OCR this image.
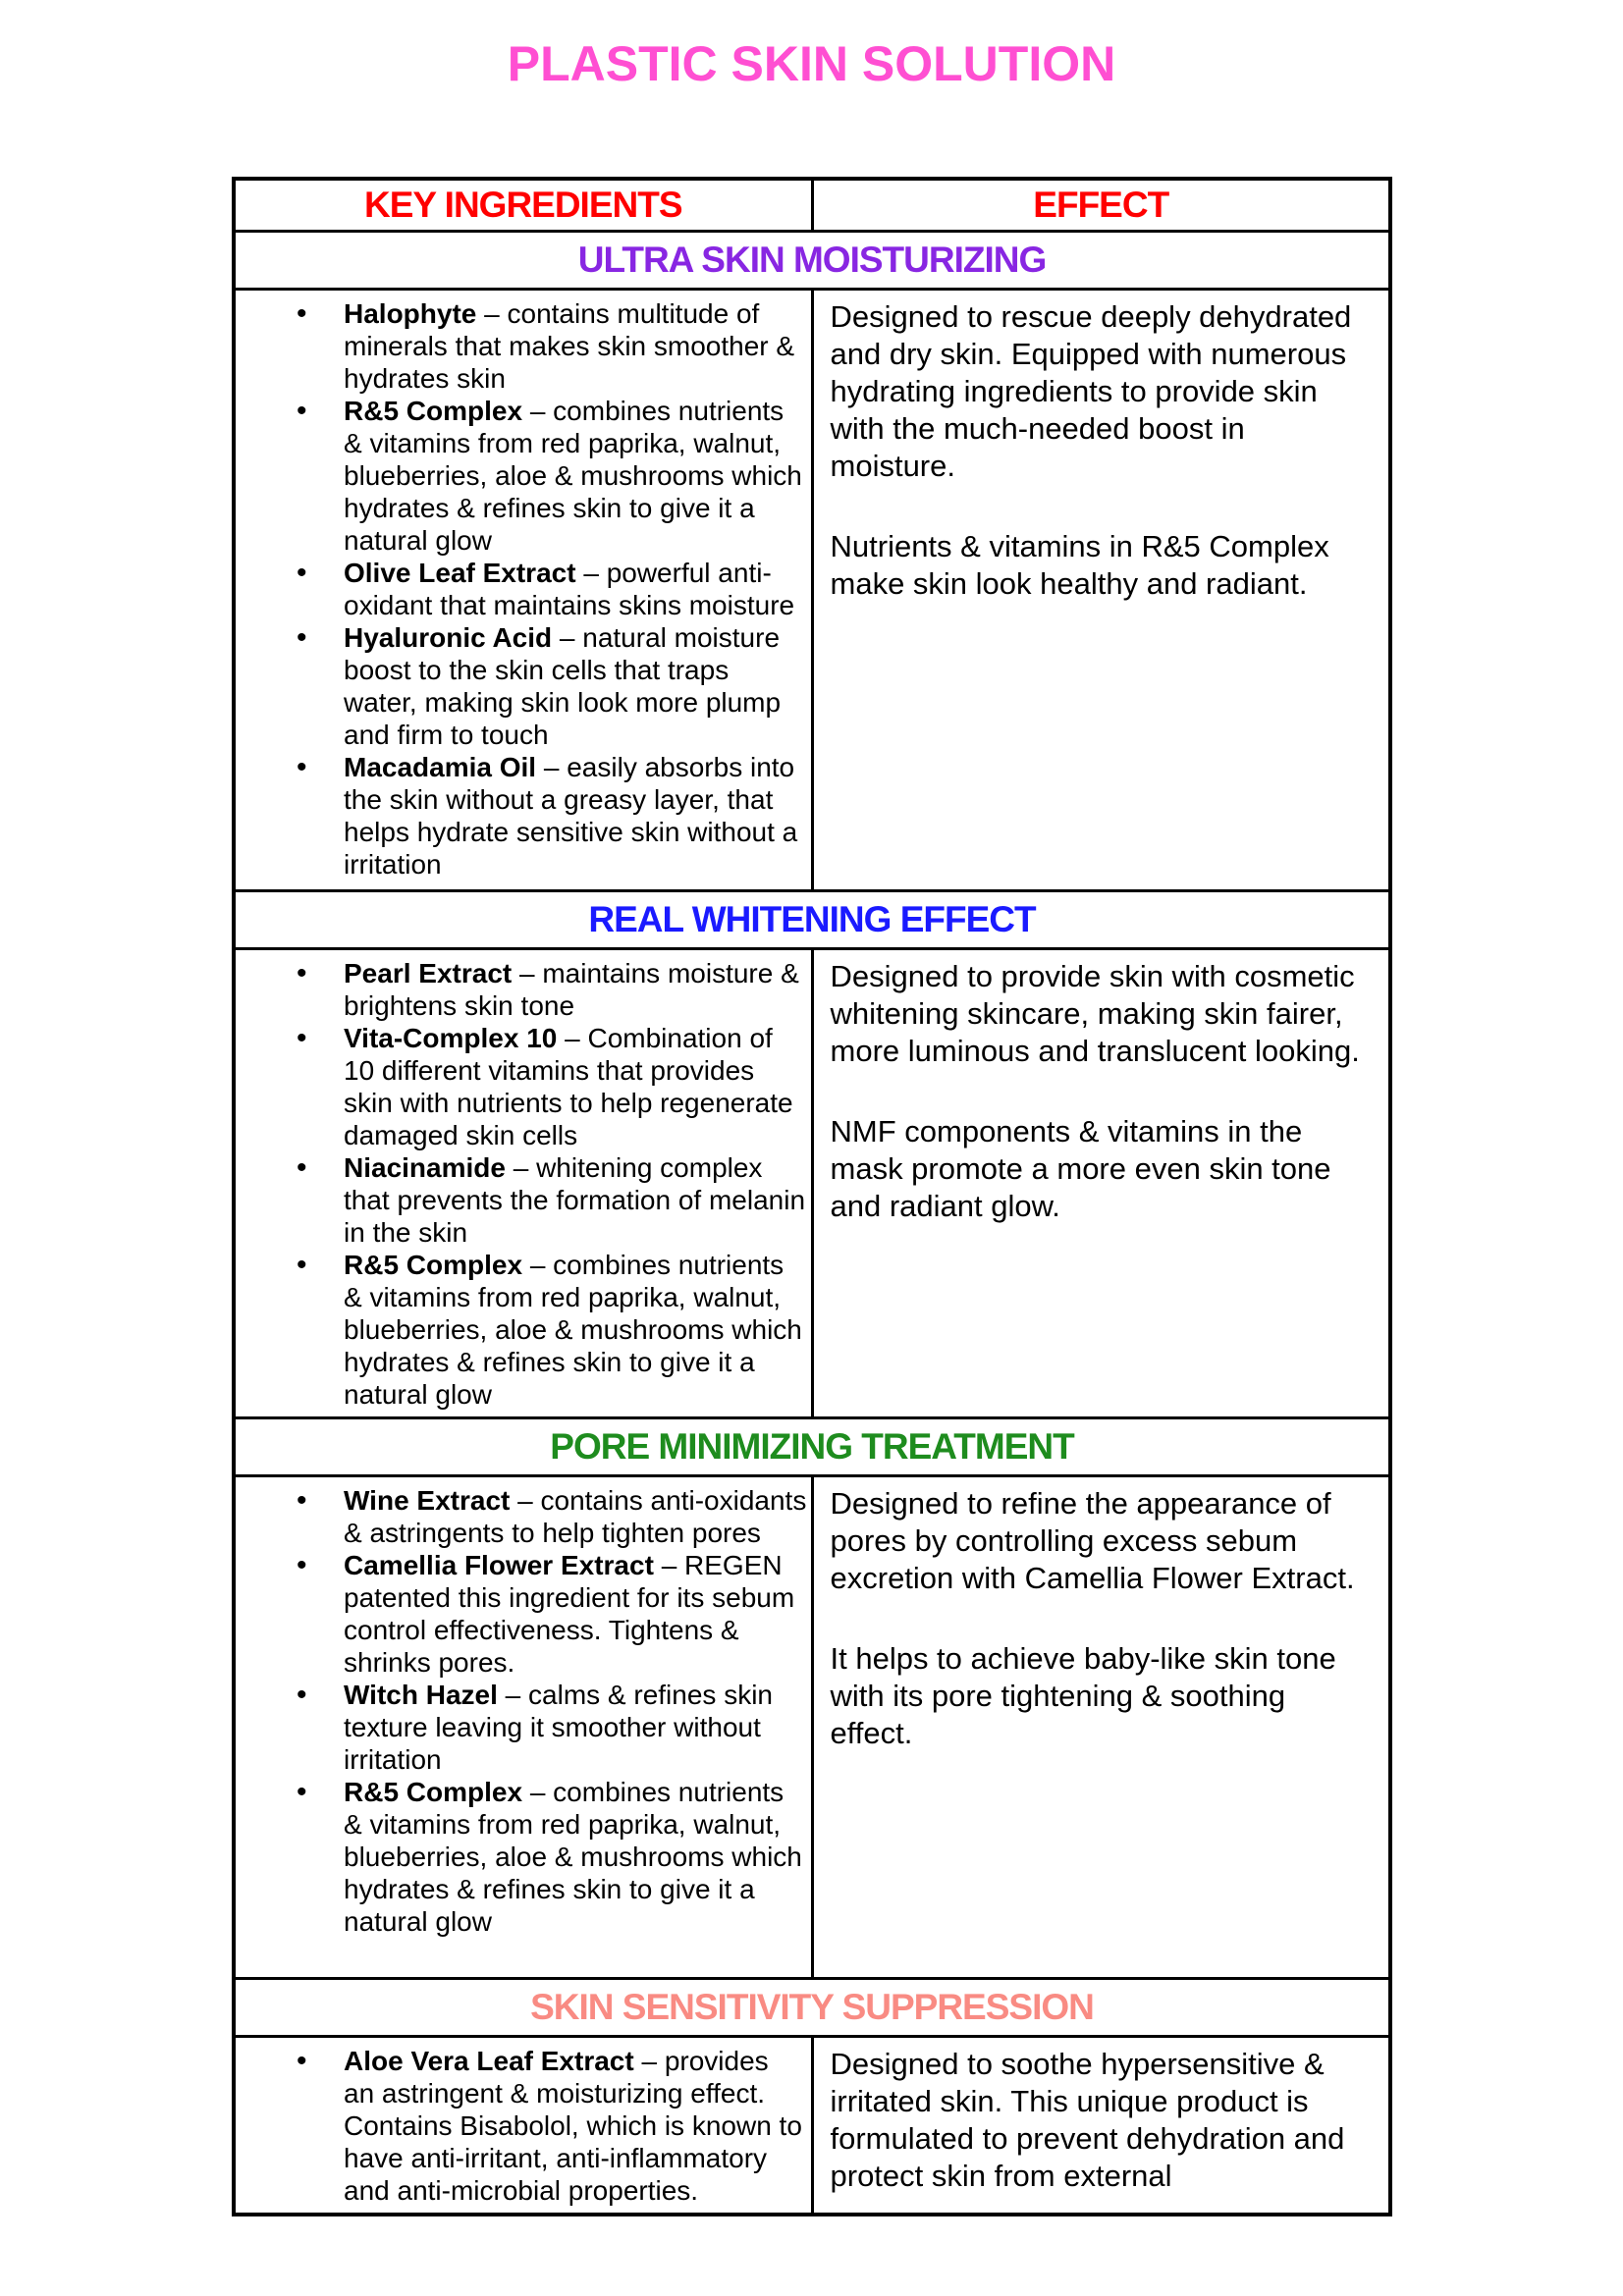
PLASTIC SKIN SOLUTION
KEY INGREDIENTS	EFFECT
ULTRA SKIN MOISTURIZING	

• Halophyte – contains multitude of minerals that makes skin smoother & hydrates skin
• R&5 Complex – combines nutrients & vitamins from red paprika, walnut, blueberries, aloe & mushrooms which hydrates & refines skin to give it a natural glow
• Olive Leaf Extract – powerful anti-oxidant that maintains skins moisture
• Hyaluronic Acid – natural moisture boost to the skin cells that traps water, making skin look more plump and firm to touch
• Macadamia Oil – easily absorbs into the skin without a greasy layer, that helps hydrate sensitive skin without a irritation

Designed to rescue deeply dehydrated and dry skin. Equipped with numerous hydrating ingredients to provide skin with the much-needed boost in moisture.

Nutrients & vitamins in R&5 Complex make skin look healthy and radiant.

REAL WHITENING EFFECT	

• Pearl Extract – maintains moisture & brightens skin tone
• Vita-Complex 10 – Combination of 10 different vitamins that provides skin with nutrients to help regenerate damaged skin cells
• Niacinamide – whitening complex that prevents the formation of melanin in the skin
• R&5 Complex – combines nutrients & vitamins from red paprika, walnut, blueberries, aloe & mushrooms which hydrates & refines skin to give it a natural glow

Designed to provide skin with cosmetic whitening skincare, making skin fairer, more luminous and translucent looking.

NMF components & vitamins in the mask promote a more even skin tone and radiant glow.

PORE MINIMIZING TREATMENT	

• Wine Extract – contains anti-oxidants & astringents to help tighten pores
• Camellia Flower Extract – REGEN patented this ingredient for its sebum control effectiveness. Tightens & shrinks pores.
• Witch Hazel – calms & refines skin texture leaving it smoother without irritation
• R&5 Complex – combines nutrients & vitamins from red paprika, walnut, blueberries, aloe & mushrooms which hydrates & refines skin to give it a natural glow

Designed to refine the appearance of pores by controlling excess sebum excretion with Camellia Flower Extract.

It helps to achieve baby-like skin tone with its pore tightening & soothing effect.

SKIN SENSITIVITY SUPPRESSION	

• Aloe Vera Leaf Extract – provides an astringent & moisturizing effect. Contains Bisabolol, which is known to have anti-irritant, anti-inflammatory and anti-microbial properties.

Designed to soothe hypersensitive & irritated skin. This unique product is formulated to prevent dehydration and protect skin from external
